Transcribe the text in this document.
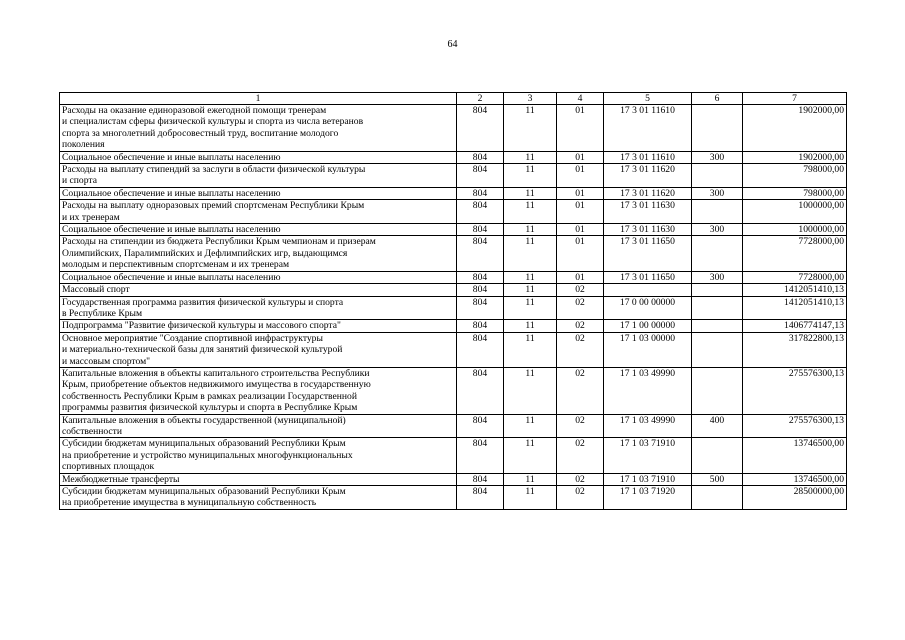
64
1	2	3	4	5	6	7
Расходы на оказание единоразовой ежегодной помощи тренерам
и специалистам сферы физической культуры и спорта из числа ветеранов
спорта за многолетний добросовестный труд, воспитание молодого
поколения	804	11	01	17 3 01 11610		1902000,00
Социальное обеспечение и иные выплаты населению	804	11	01	17 3 01 11610	300	1902000,00
Расходы на выплату стипендий за заслуги в области физической культуры
и спорта	804	11	01	17 3 01 11620		798000,00
Социальное обеспечение и иные выплаты населению	804	11	01	17 3 01 11620	300	798000,00
Расходы на выплату одноразовых премий спортсменам Республики Крым
и их тренерам	804	11	01	17 3 01 11630		1000000,00
Социальное обеспечение и иные выплаты населению	804	11	01	17 3 01 11630	300	1000000,00
Расходы на стипендии из бюджета Республики Крым чемпионам и призерам
Олимпийских, Паралимпийских и Дефлимпийских игр, выдающимся
молодым и перспективным спортсменам и их тренерам	804	11	01	17 3 01 11650		7728000,00
Социальное обеспечение и иные выплаты населению	804	11	01	17 3 01 11650	300	7728000,00
Массовый спорт	804	11	02			1412051410,13
Государственная программа развития физической культуры и спорта
в Республике Крым	804	11	02	17 0 00 00000		1412051410,13
Подпрограмма "Развитие физической культуры и массового спорта"	804	11	02	17 1 00 00000		1406774147,13
Основное мероприятие "Создание спортивной инфраструктуры
и материально-технической базы для занятий физической культурой
и массовым спортом"	804	11	02	17 1 03 00000		317822800,13
Капитальные вложения в объекты капитального строительства Республики
Крым, приобретение объектов недвижимого имущества в государственную
собственность Республики Крым в рамках реализации Государственной
программы развития физической культуры и спорта в Республике Крым	804	11	02	17 1 03 49990		275576300,13
Капитальные вложения в объекты государственной (муниципальной)
собственности	804	11	02	17 1 03 49990	400	275576300,13
Субсидии бюджетам муниципальных образований Республики Крым
на приобретение и устройство муниципальных многофункциональных
спортивных площадок	804	11	02	17 1 03 71910		13746500,00
Межбюджетные трансферты	804	11	02	17 1 03 71910	500	13746500,00
Субсидии бюджетам муниципальных образований Республики Крым
на приобретение имущества в муниципальную собственность	804	11	02	17 1 03 71920		28500000,00
